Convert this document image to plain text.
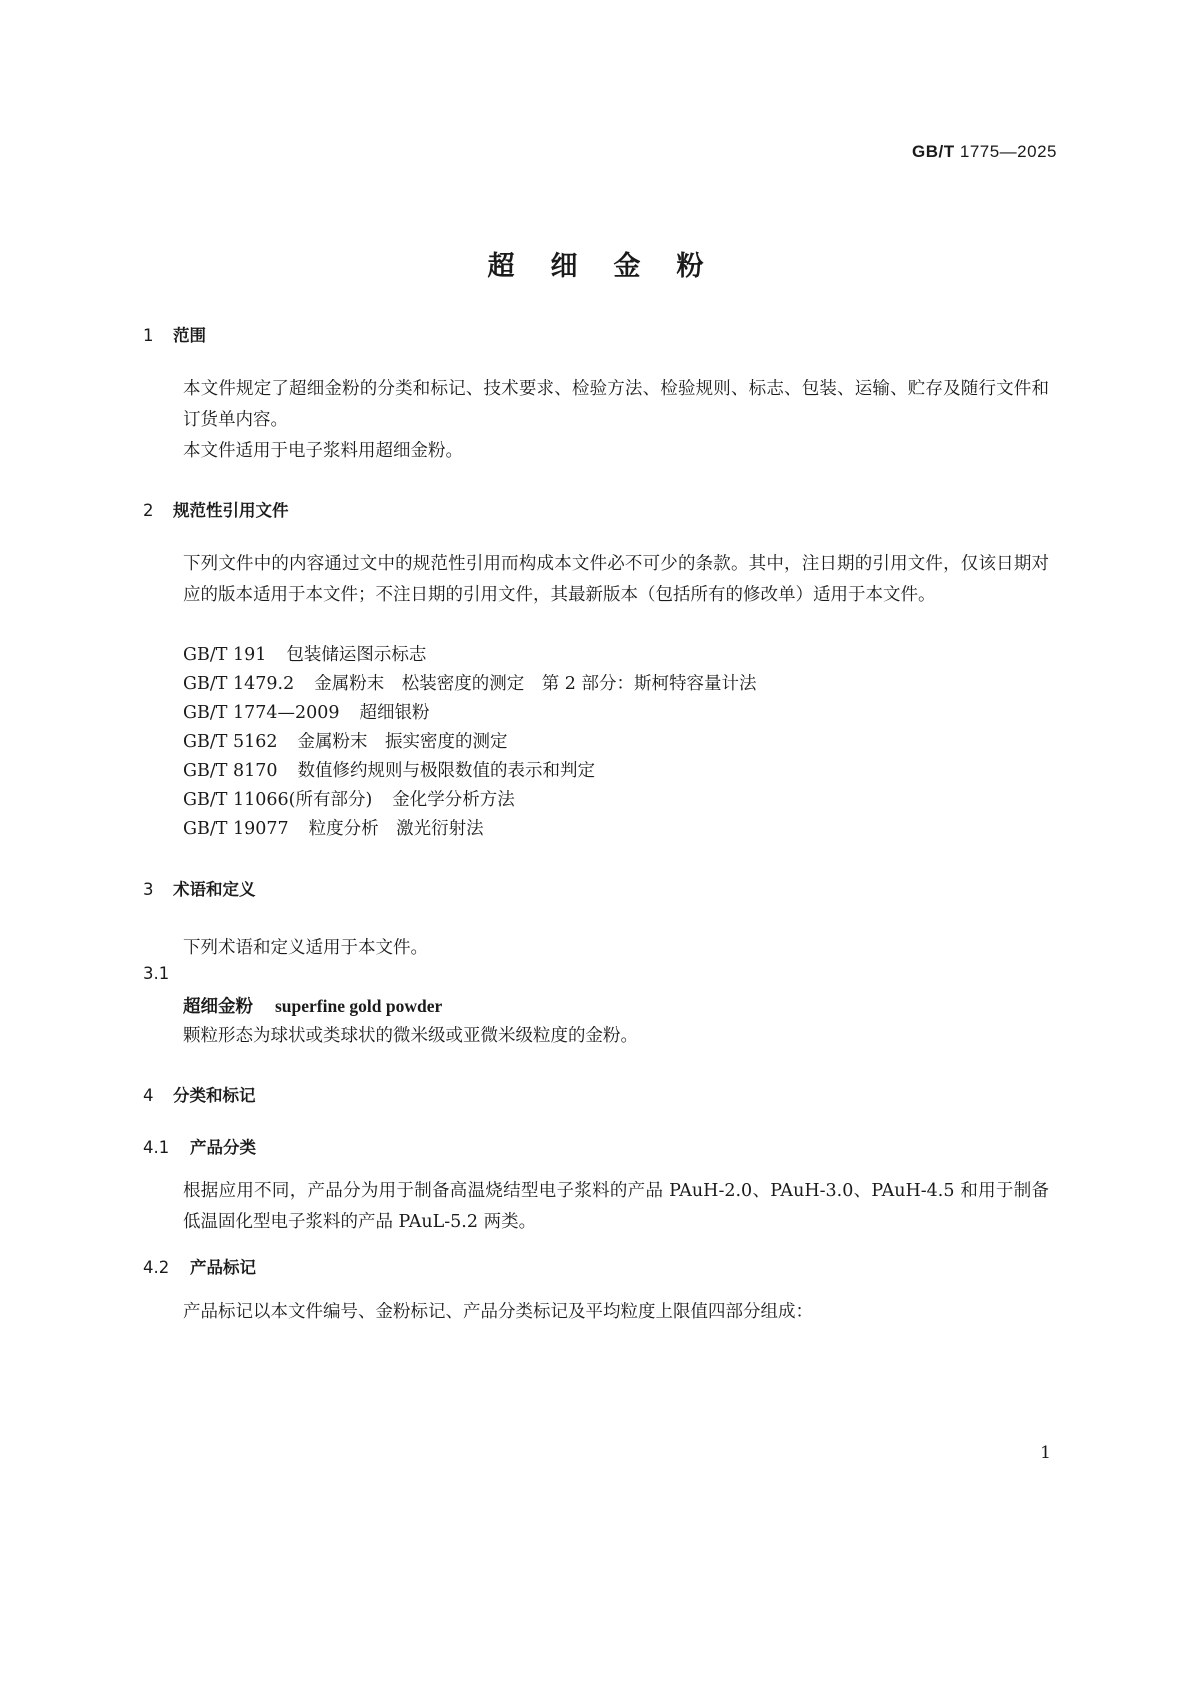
GB/T 1775—2025
超细金粉
1 范围
本文件规定了超细金粉的分类和标记、技术要求、检验方法、检验规则、标志、包装、运输、贮存及随行文件和订货单内容。
本文件适用于电子浆料用超细金粉。
2 规范性引用文件
下列文件中的内容通过文中的规范性引用而构成本文件必不可少的条款。其中，注日期的引用文件，仅该日期对应的版本适用于本文件；不注日期的引用文件，其最新版本（包括所有的修改单）适用于本文件。
GB/T 191 包装储运图示标志
GB/T 1479.2 金属粉末　松装密度的测定　第 2 部分：斯柯特容量计法
GB/T 1774—2009 超细银粉
GB/T 5162 金属粉末　振实密度的测定
GB/T 8170 数值修约规则与极限数值的表示和判定
GB/T 11066(所有部分) 金化学分析方法
GB/T 19077 粒度分析　激光衍射法
3 术语和定义
下列术语和定义适用于本文件。
3.1
超细金粉 superfine gold powder
颗粒形态为球状或类球状的微米级或亚微米级粒度的金粉。
4 分类和标记
4.1 产品分类
根据应用不同，产品分为用于制备高温烧结型电子浆料的产品 PAuH-2.0、PAuH-3.0、PAuH-4.5 和用于制备低温固化型电子浆料的产品 PAuL-5.2 两类。
4.2 产品标记
产品标记以本文件编号、金粉标记、产品分类标记及平均粒度上限值四部分组成：
1
